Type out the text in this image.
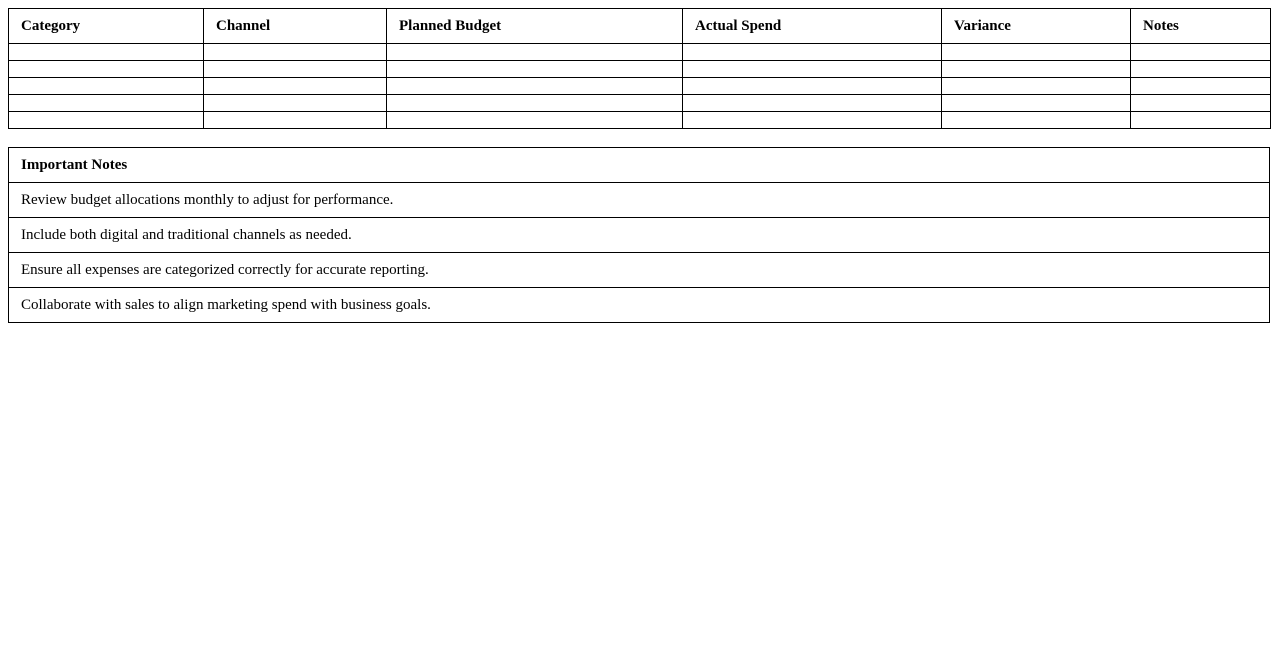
Category	Channel	Planned Budget	Actual Spend	Variance	Notes

Important Notes
Review budget allocations monthly to adjust for performance.
Include both digital and traditional channels as needed.
Ensure all expenses are categorized correctly for accurate reporting.
Collaborate with sales to align marketing spend with business goals.
